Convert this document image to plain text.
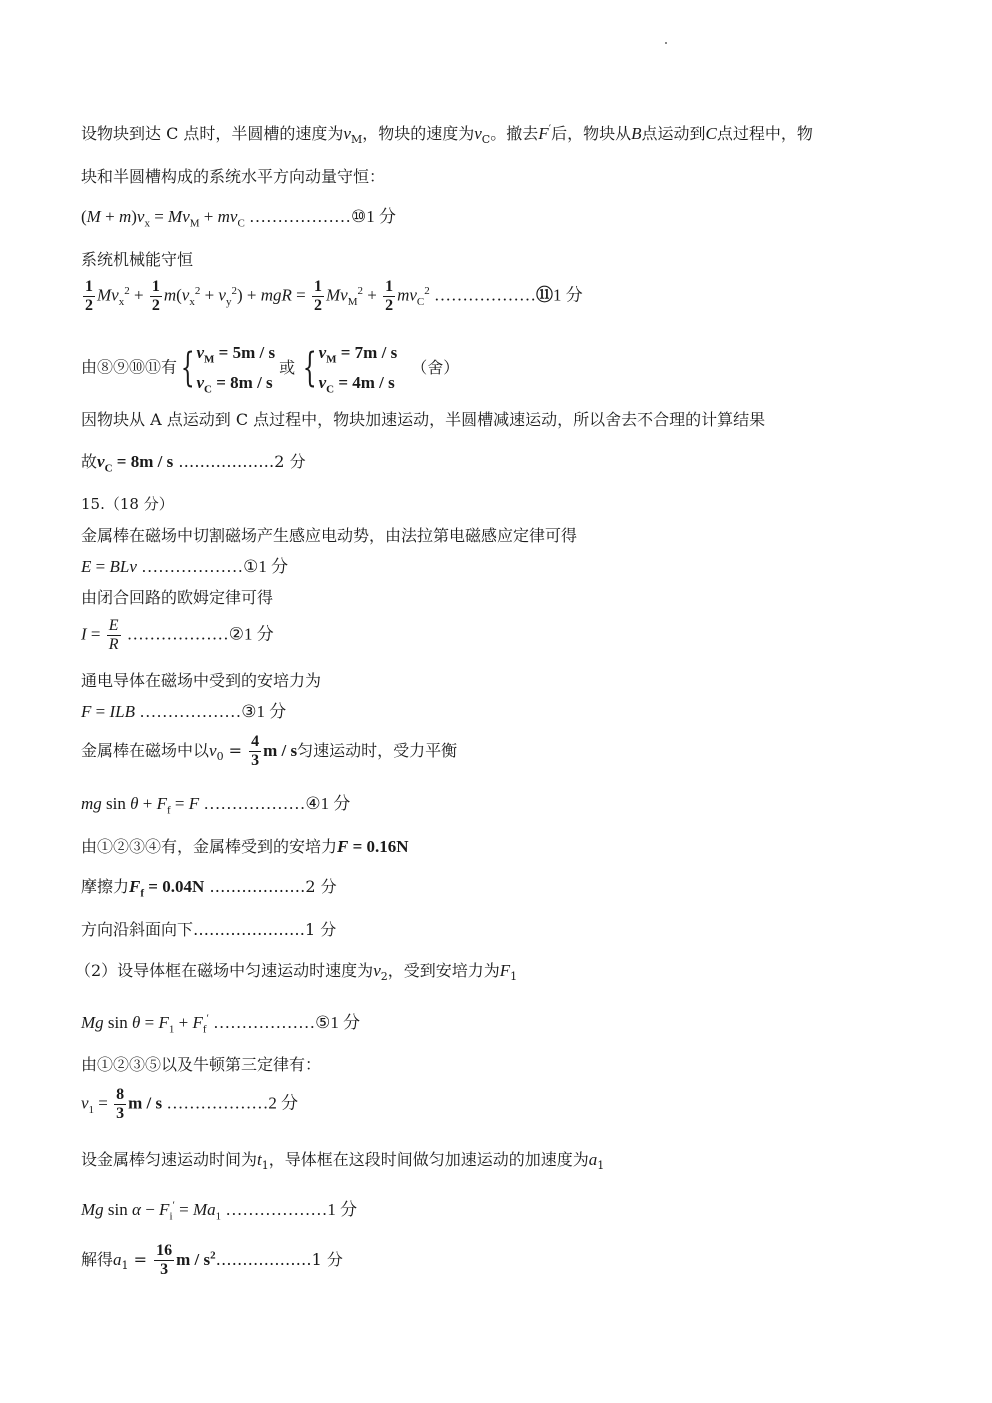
设物块到达 C 点时，半圆槽的速度为$v_M$，物块的速度为$v_C$。撤去F′后，物块从B点运动到C点过程中，物
块和半圆槽构成的系统水平方向动量守恒：
$(M + m)v_x = Mv_M + mv_C$ ………………⑩1 分
系统机械能守恒
$\frac{1}{2} Mv_x^2 + \frac{1}{2} m(v_x^2 + v_y^2)$ + mgR = $\frac{1}{2} Mv_M^2 + \frac{1}{2} mv_C^2$ ………………⑪1 分
由⑧⑨⑩⑪有{ $v_M = 5m / s$
$v_C = 8m / s$
或 { $v_M = 7m / s$
$v_C = 4m / s$
（舍）
因物块从 A 点运动到 C 点过程中，物块加速运动，半圆槽减速运动，所以舍去不合理的计算结果
故$v_C = 8m / s$ ………………2 分
15.（18 分）
金属棒在磁场中切割磁场产生感应电动势，由法拉第电磁感应定律可得
E = BLv ………………①1 分
由闭合回路的欧姆定律可得
$I = \frac{E}{R}$ ………………②1 分
通电导体在磁场中受到的安培力为
F = ILB ………………③1 分
金属棒在磁场中以$v_0 = \frac{4}{3}$ m / s匀速运动时，受力平衡
mg $\sin \theta + F_f = F$ ………………④1 分
由①②③④有，金属棒受到的安培力F = 0.16N
摩擦力$F_f = 0.04N$ ………………2 分
方向沿斜面向下…………………1 分
（2）设导体框在磁场中匀速运动时速度为$v_2$，受到安培力为$F_1$
Mg $\sin \theta = F_1 + F_f'$ ………………⑤1 分
由①②③⑤以及牛顿第三定律有：
$v_1 = \frac{8}{3}$ m / s ………………2 分
设金属棒匀速运动时间为$t_1$，导体框在这段时间做匀加速运动的加速度为$a_1$
Mg $\sin \alpha - F_i' = Ma_1$ ………………1 分
解得$a_1 = \frac{16}{3}$ m / $s^2\dots\dots\dots\dots\dots\dots 1$ 分
